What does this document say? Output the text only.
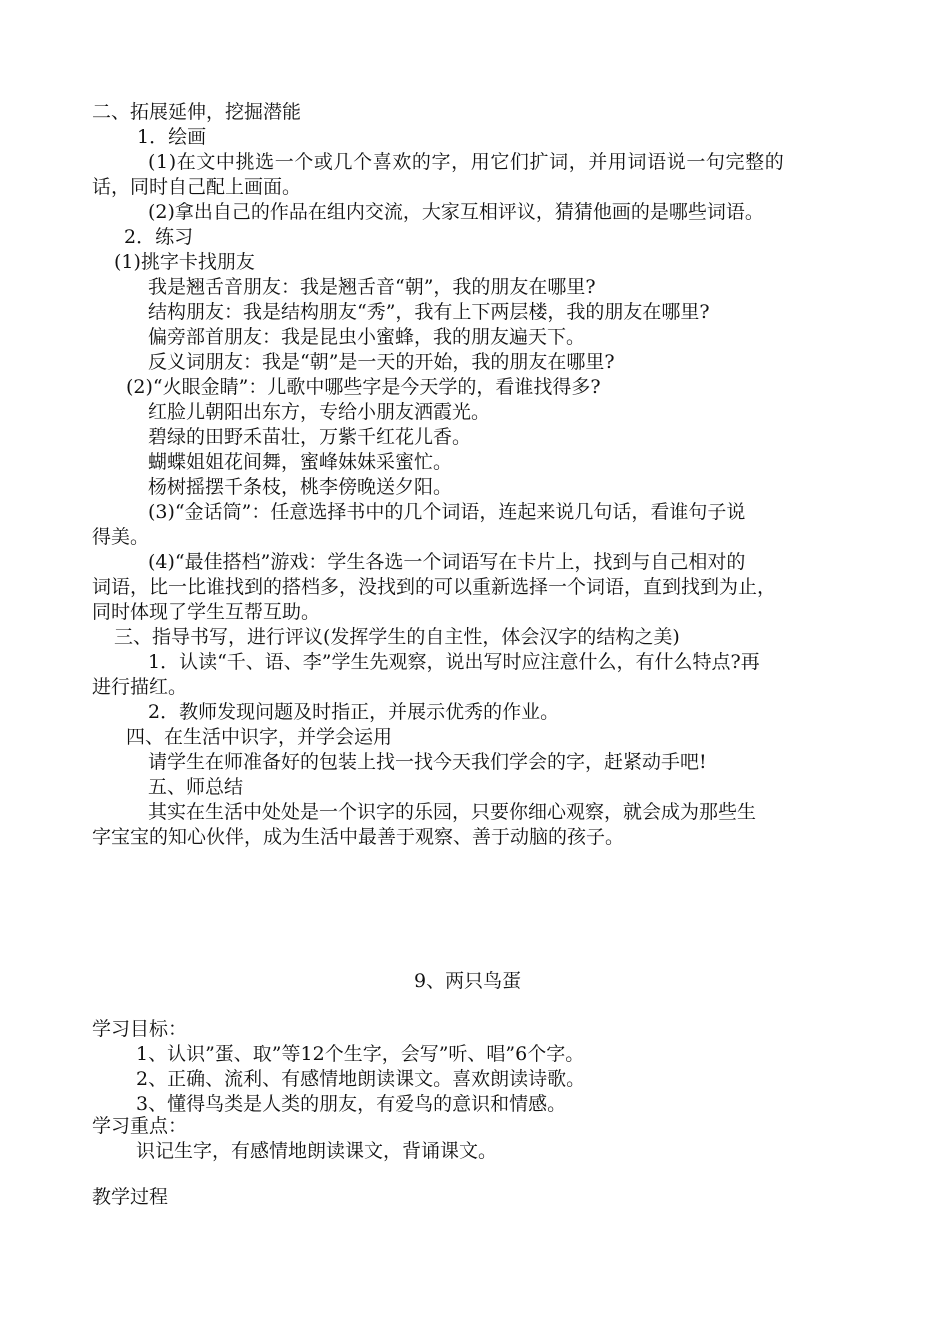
二、拓展延伸，挖掘潜能

1．绘画

(1)在文中挑选一个或几个喜欢的字，用它们扩词，并用词语说一句完整的

话，同时自己配上画面。

(2)拿出自己的作品在组内交流，大家互相评议，猜猜他画的是哪些词语。

2．练习

(1)挑字卡找朋友

我是翘舌音朋友：我是翘舌音“朝”，我的朋友在哪里?

结构朋友：我是结构朋友“秀”，我有上下两层楼，我的朋友在哪里?

偏旁部首朋友：我是昆虫小蜜蜂，我的朋友遍天下。

反义词朋友：我是“朝”是一天的开始，我的朋友在哪里?

(2)“火眼金睛”：儿歌中哪些字是今天学的，看谁找得多?

红脸儿朝阳出东方，专给小朋友洒霞光。

碧绿的田野禾苗壮，万紫千红花儿香。

蝴蝶姐姐花间舞，蜜峰妹妹采蜜忙。

杨树摇摆千条枝，桃李傍晚送夕阳。

(3)“金话筒”：任意选择书中的几个词语，连起来说几句话，看谁句子说

得美。

(4)“最佳搭档”游戏：学生各选一个词语写在卡片上，找到与自己相对的

词语，比一比谁找到的搭档多，没找到的可以重新选择一个词语，直到找到为止，

同时体现了学生互帮互助。

三、指导书写，进行评议(发挥学生的自主性，体会汉字的结构之美)

1．认读“千、语、李”学生先观察，说出写时应注意什么，有什么特点?再

进行描红。

2．教师发现问题及时指正，并展示优秀的作业。

四、在生活中识字，并学会运用

请学生在师准备好的包装上找一找今天我们学会的字，赶紧动手吧!

五、师总结

其实在生活中处处是一个识字的乐园，只要你细心观察，就会成为那些生

字宝宝的知心伙伴，成为生活中最善于观察、善于动脑的孩子。

9、两只鸟蛋

学习目标：

1、认识”蛋、取”等12个生字，会写”听、唱”6个字。

2、正确、流利、有感情地朗读课文。喜欢朗读诗歌。

3、懂得鸟类是人类的朋友，有爱鸟的意识和情感。

学习重点：

识记生字，有感情地朗读课文，背诵课文。

教学过程
